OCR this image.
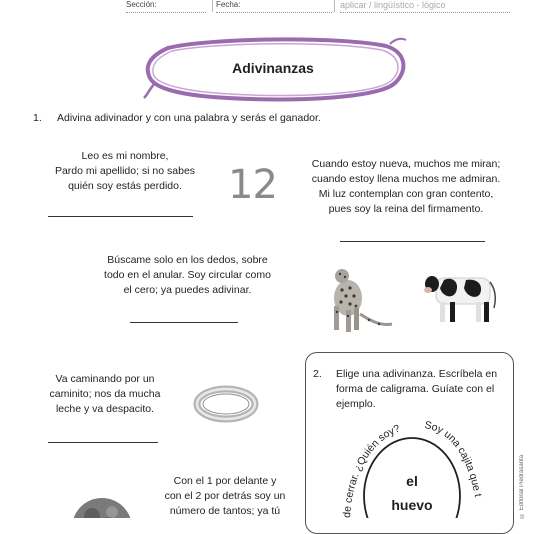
Sección:	Fecha:	aplicar / lingüístico - lógico
Adivinanzas
1. Adivina adivinador y con una palabra y serás el ganador.
Leo es mi nombre,
Pardo mi apellido; si no sabes
quién soy estás perdido.	12	Cuando estoy nueva, muchos me miran;
cuando estoy llena muchos me admiran.
Mi luz contemplan con gran contento,
pues soy la reina del firmamento.
Búscame solo en los dedos, sobre
todo en el anular. Soy circular como
el cero; ya puedes adivinar.
Va caminando por un
caminito; nos da mucha
leche y va despacito.
Con el 1 por delante y
con el 2 por detrás soy un
número de tantos; ya tú
2. Elige una adivinanza. Escríbela en
forma de caligrama. Guíate con el
ejemplo.
de cerrar. ¿Quién soy? Soy una cajita que t
el
huevo	© Editorial Piedrasanta
